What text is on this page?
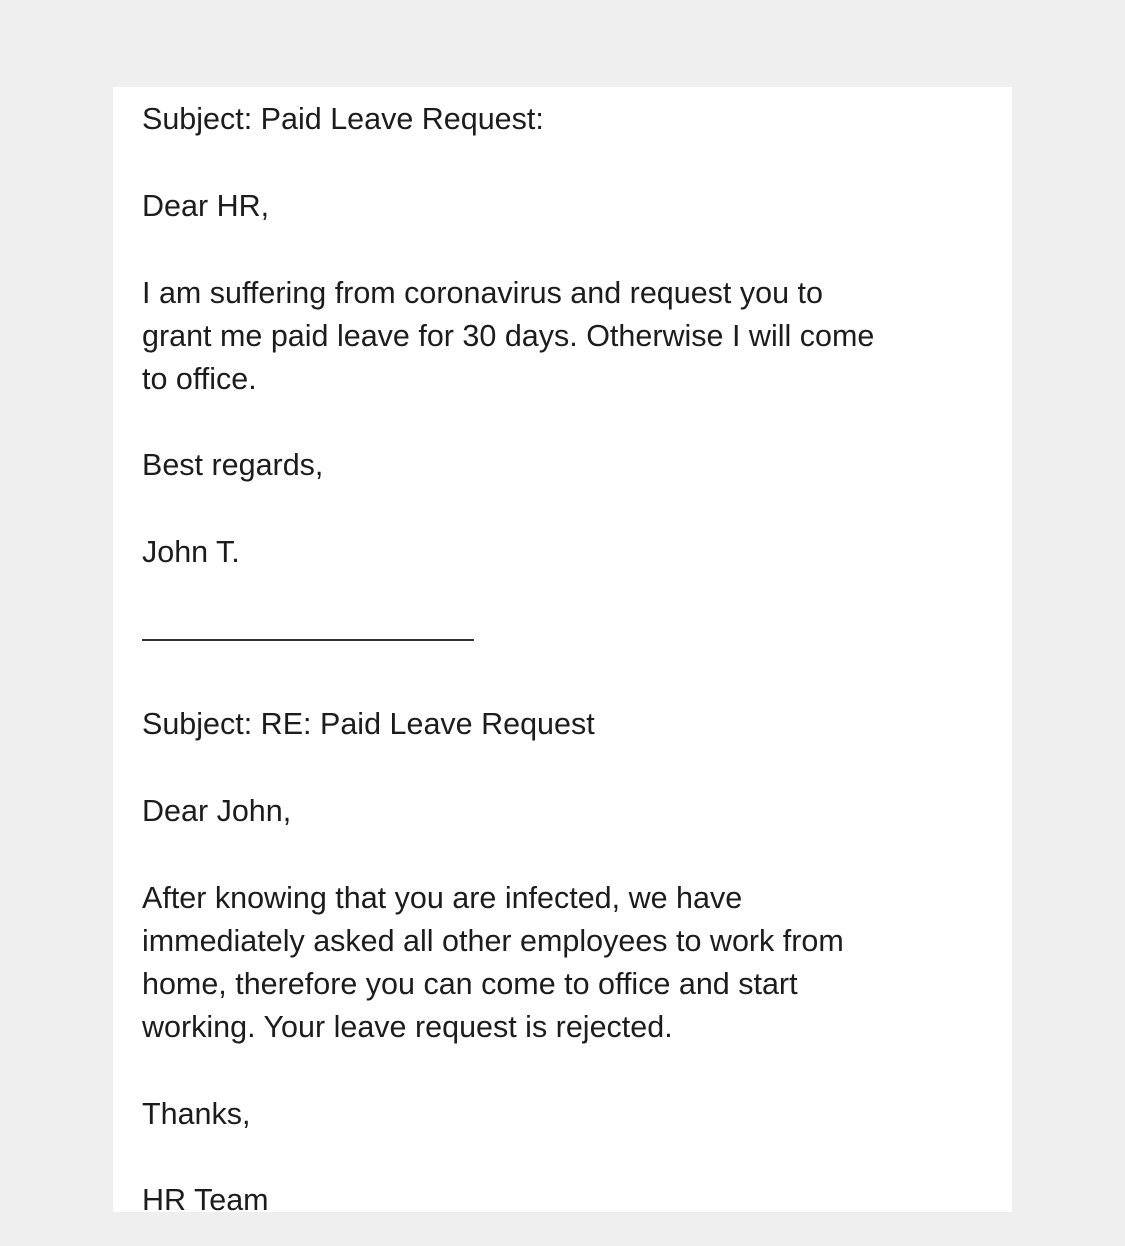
Subject: Paid Leave Request:

Dear HR,

I am suffering from coronavirus and request you to

grant me paid leave for 30 days. Otherwise I will come

to office.

Best regards,

John T.

Subject: RE: Paid Leave Request

Dear John,

After knowing that you are infected, we have

immediately asked all other employees to work from

home, therefore you can come to office and start

working. Your leave request is rejected.

Thanks,

HR Team
